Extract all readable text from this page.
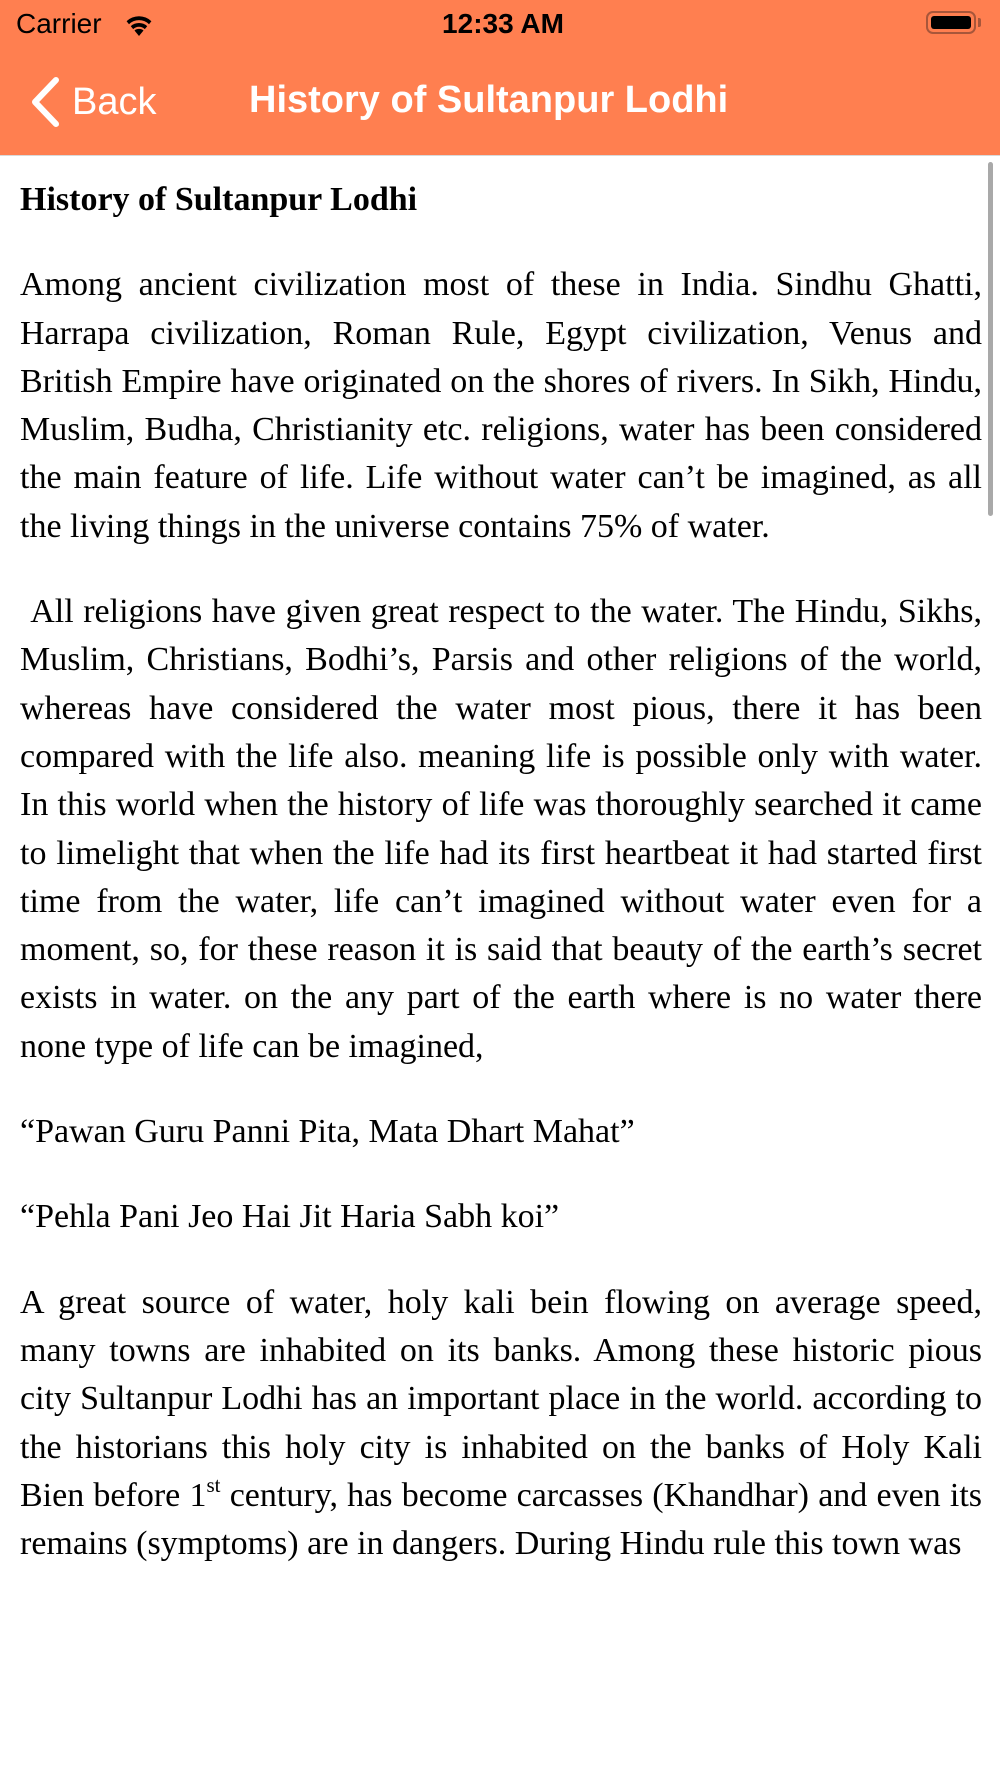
Carrier	12:33 AM
Back History of Sultanpur Lodhi
History of Sultanpur Lodhi

Among ancient civilization most of these in India. Sindhu Ghatti, Harrapa civilization, Roman Rule, Egypt civilization, Venus and British Empire have originated on the shores of rivers. In Sikh, Hindu, Muslim, Budha, Christianity etc. religions, water has been considered the main feature of life. Life without water can’t be imagined, as all the living things in the universe contains 75% of water.

All religions have given great respect to the water. The Hindu, Sikhs, Muslim, Christians, Bodhi’s, Parsis and other religions of the world, whereas have considered the water most pious, there it has been compared with the life also. meaning life is possible only with water. In this world when the history of life was thoroughly searched it came to limelight that when the life had its first heartbeat it had started first time from the water, life can’t imagined without water even for a moment, so, for these reason it is said that beauty of the earth’s secret exists in water. on the any part of the earth where is no water there none type of life can be imagined,

“Pawan Guru Panni Pita, Mata Dhart Mahat”

“Pehla Pani Jeo Hai Jit Haria Sabh koi”

A great source of water, holy kali bein flowing on average speed, many towns are inhabited on its banks. Among these historic pious city Sultanpur Lodhi has an important place in the world. according to the historians this holy city is inhabited on the banks of Holy Kali Bien before 1st century, has become carcasses (Khandhar) and even its remains (symptoms) are in dangers. During Hindu rule this town was
